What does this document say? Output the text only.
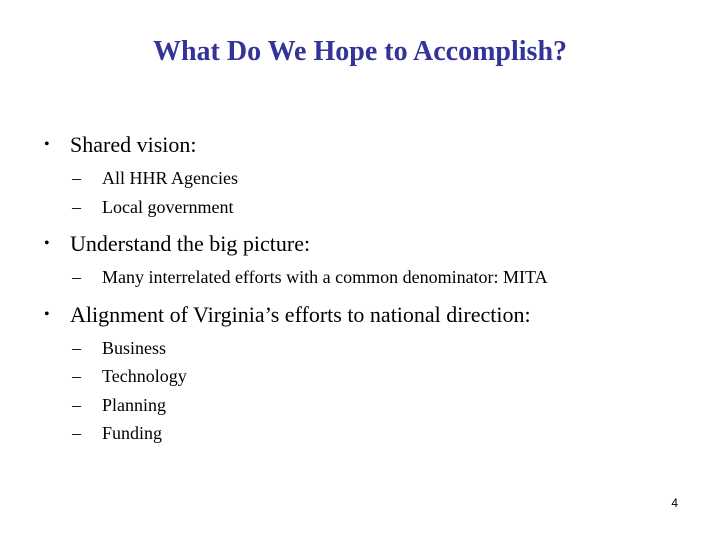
What Do We Hope to Accomplish?
• Shared vision:
– All HHR Agencies
– Local government
• Understand the big picture:
– Many interrelated efforts with a common denominator: MITA
• Alignment of Virginia’s efforts to national direction:
– Business
– Technology
– Planning
– Funding
4
